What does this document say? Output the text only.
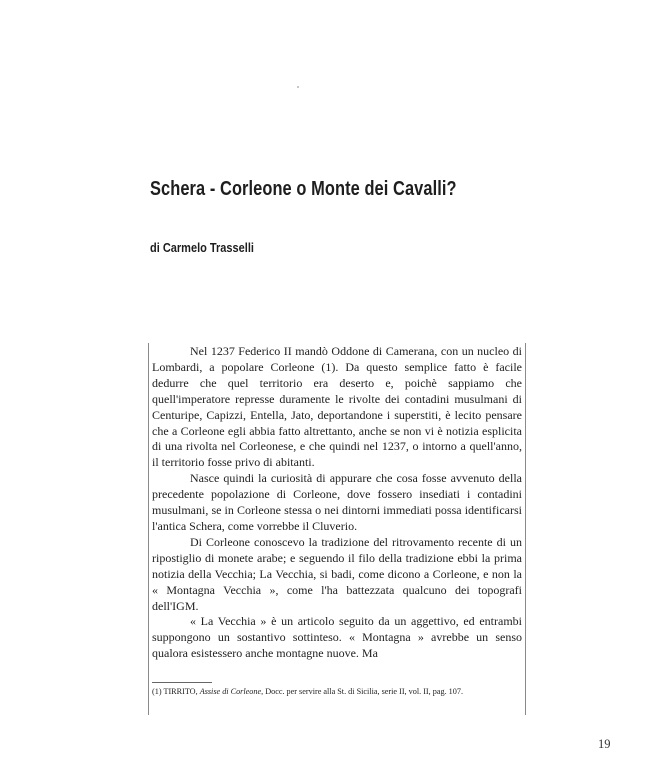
Schera - Corleone o Monte dei Cavalli?
di Carmelo Trasselli

Nel 1237 Federico II mandò Oddone di Camerana, con un nucleo di Lombardi, a popolare Corleone (1). Da questo semplice fatto è facile dedurre che quel territorio era deserto e, poichè sappiamo che quell'imperatore represse duramente le rivolte dei contadini musulmani di Centuripe, Capizzi, Entella, Jato, deportandone i superstiti, è lecito pensare che a Corleone egli abbia fatto altrettanto, anche se non vi è notizia esplicita di una rivolta nel Corleonese, e che quindi nel 1237, o intorno a quell'anno, il territorio fosse privo di abitanti.

Nasce quindi la curiosità di appurare che cosa fosse avvenuto della precedente popolazione di Corleone, dove fossero insediati i contadini musulmani, se in Corleone stessa o nei dintorni immediati possa identificarsi l'antica Schera, come vorrebbe il Cluverio.

Di Corleone conoscevo la tradizione del ritrovamento recente di un ripostiglio di monete arabe; e seguendo il filo della tradizione ebbi la prima notizia della Vecchia; La Vecchia, si badi, come dicono a Corleone, e non la « Montagna Vecchia », come l'ha battezzata qualcuno dei topografi dell'IGM.

« La Vecchia » è un articolo seguito da un aggettivo, ed entrambi suppongono un sostantivo sottinteso. « Montagna » avrebbe un senso qualora esistessero anche montagne nuove. Ma

(1) TIRRITO, Assise di Corleone, Docc. per servire alla St. di Sicilia, serie II, vol. II, pag. 107.

19
